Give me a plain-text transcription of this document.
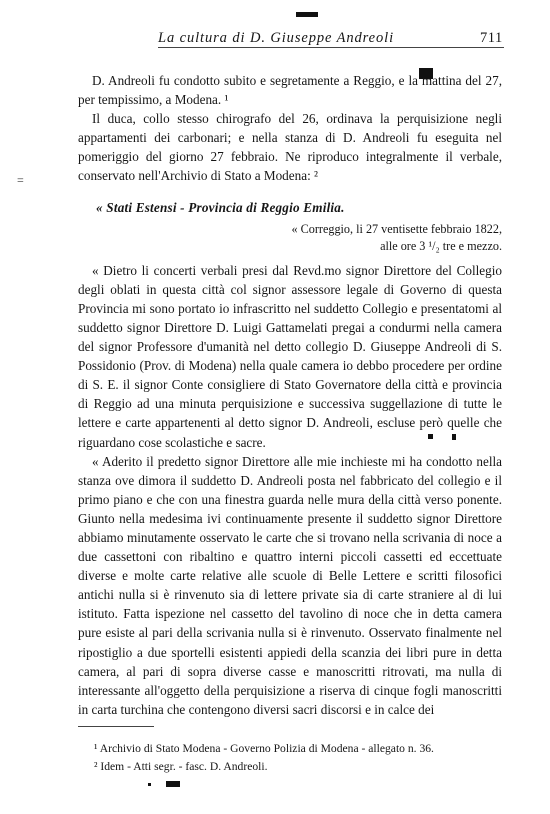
La cultura di D. Giuseppe Andreoli	711
=

D. Andreoli fu condotto subito e segretamente a Reggio, e la mattina del 27, per tempissimo, a Modena. ¹

Il duca, collo stesso chirografo del 26, ordinava la perquisizione negli appartamenti dei carbonari; e nella stanza di D. Andreoli fu eseguita nel pomeriggio del giorno 27 febbraio. Ne riproduco integralmente il verbale, conservato nell'Archivio di Stato a Modena: ²

« Stati Estensi - Provincia di Reggio Emilia.

« Correggio, li 27 ventisette febbraio 1822,
alle ore 3 ¹/₂ tre e mezzo.

« Dietro li concerti verbali presi dal Revd.mo signor Direttore del Collegio degli oblati in questa città col signor assessore legale di Governo di questa Provincia mi sono portato io infrascritto nel suddetto Collegio e presentatomi al suddetto signor Direttore D. Luigi Gattamelati pregai a condurmi nella camera del signor Professore d'umanità nel detto collegio D. Giuseppe Andreoli di S. Possidonio (Prov. di Modena) nella quale camera io debbo procedere per ordine di S. E. il signor Conte consigliere di Stato Governatore della città e provincia di Reggio ad una minuta perquisizione e successiva suggellazione di tutte le lettere e carte appartenenti al detto signor D. Andreoli, escluse però quelle che riguardano cose scolastiche e sacre.

« Aderito il predetto signor Direttore alle mie inchieste mi ha condotto nella stanza ove dimora il suddetto D. Andreoli posta nel fabbricato del collegio e il primo piano e che con una finestra guarda nelle mura della città verso ponente. Giunto nella medesima ivi continuamente presente il suddetto signor Direttore abbiamo minutamente osservato le carte che si trovano nella scrivania di noce a due cassettoni con ribaltino e quattro interni piccoli cassetti ed eccettuate diverse e molte carte relative alle scuole di Belle Lettere e scritti filosofici antichi nulla si è rinvenuto sia di lettere private sia di carte straniere al di lui istituto. Fatta ispezione nel cassetto del tavolino di noce che in detta camera pure esiste al pari della scrivania nulla si è rinvenuto. Osservato finalmente nel ripostiglio a due sportelli esistenti appiedi della scanzia dei libri pure in detta camera, al pari di sopra diverse casse e manoscritti ritrovati, ma nulla di interessante all'oggetto della perquisizione a riserva di cinque fogli manoscritti in carta turchina che contengono diversi sacri discorsi e in calce dei

¹ Archivio di Stato Modena - Governo Polizia di Modena - allegato n. 36.
² Idem - Atti segr. - fasc. D. Andreoli.
